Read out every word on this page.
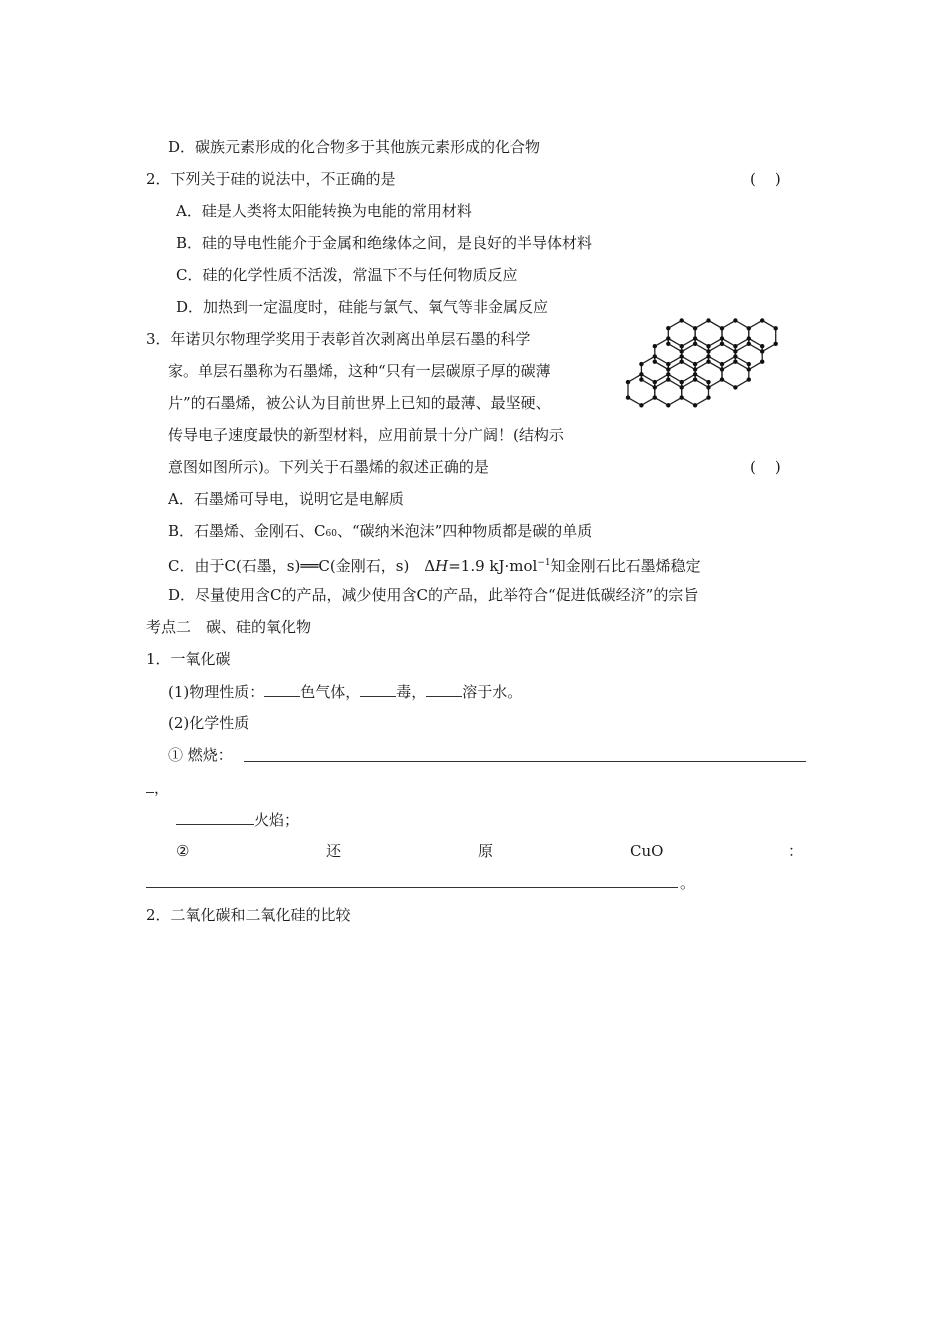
D．碳族元素形成的化合物多于其他族元素形成的化合物
2．下列关于硅的说法中，不正确的是	(    )
A．硅是人类将太阳能转换为电能的常用材料
B．硅的导电性能介于金属和绝缘体之间，是良好的半导体材料
C．硅的化学性质不活泼，常温下不与任何物质反应
D．加热到一定温度时，硅能与氯气、氧气等非金属反应
3．年诺贝尔物理学奖用于表彰首次剥离出单层石墨的科学
家。单层石墨称为石墨烯，这种“只有一层碳原子厚的碳薄
片”的石墨烯，被公认为目前世界上已知的最薄、最坚硬、
传导电子速度最快的新型材料，应用前景十分广阔！(结构示
意图如图所示)。下列关于石墨烯的叙述正确的是	(    )
A．石墨烯可导电，说明它是电解质
B．石墨烯、金刚石、C60、“碳纳米泡沫”四种物质都是碳的单质
C．由于C(石墨，s)══C(金刚石，s)　ΔH=1.9 kJ·mol$^{-1}$知金刚石比石墨烯稳定
D．尽量使用含C的产品，减少使用含C的产品，此举符合“促进低碳经济”的宗旨
考点二　碳、硅的氧化物
1．一氧化碳
(1)物理性质： 色气体， 毒， 溶于水。
(2)化学性质
① 燃烧：
，
火焰；
②	还	原	CuO	：
。
2．二氧化碳和二氧化硅的比较
